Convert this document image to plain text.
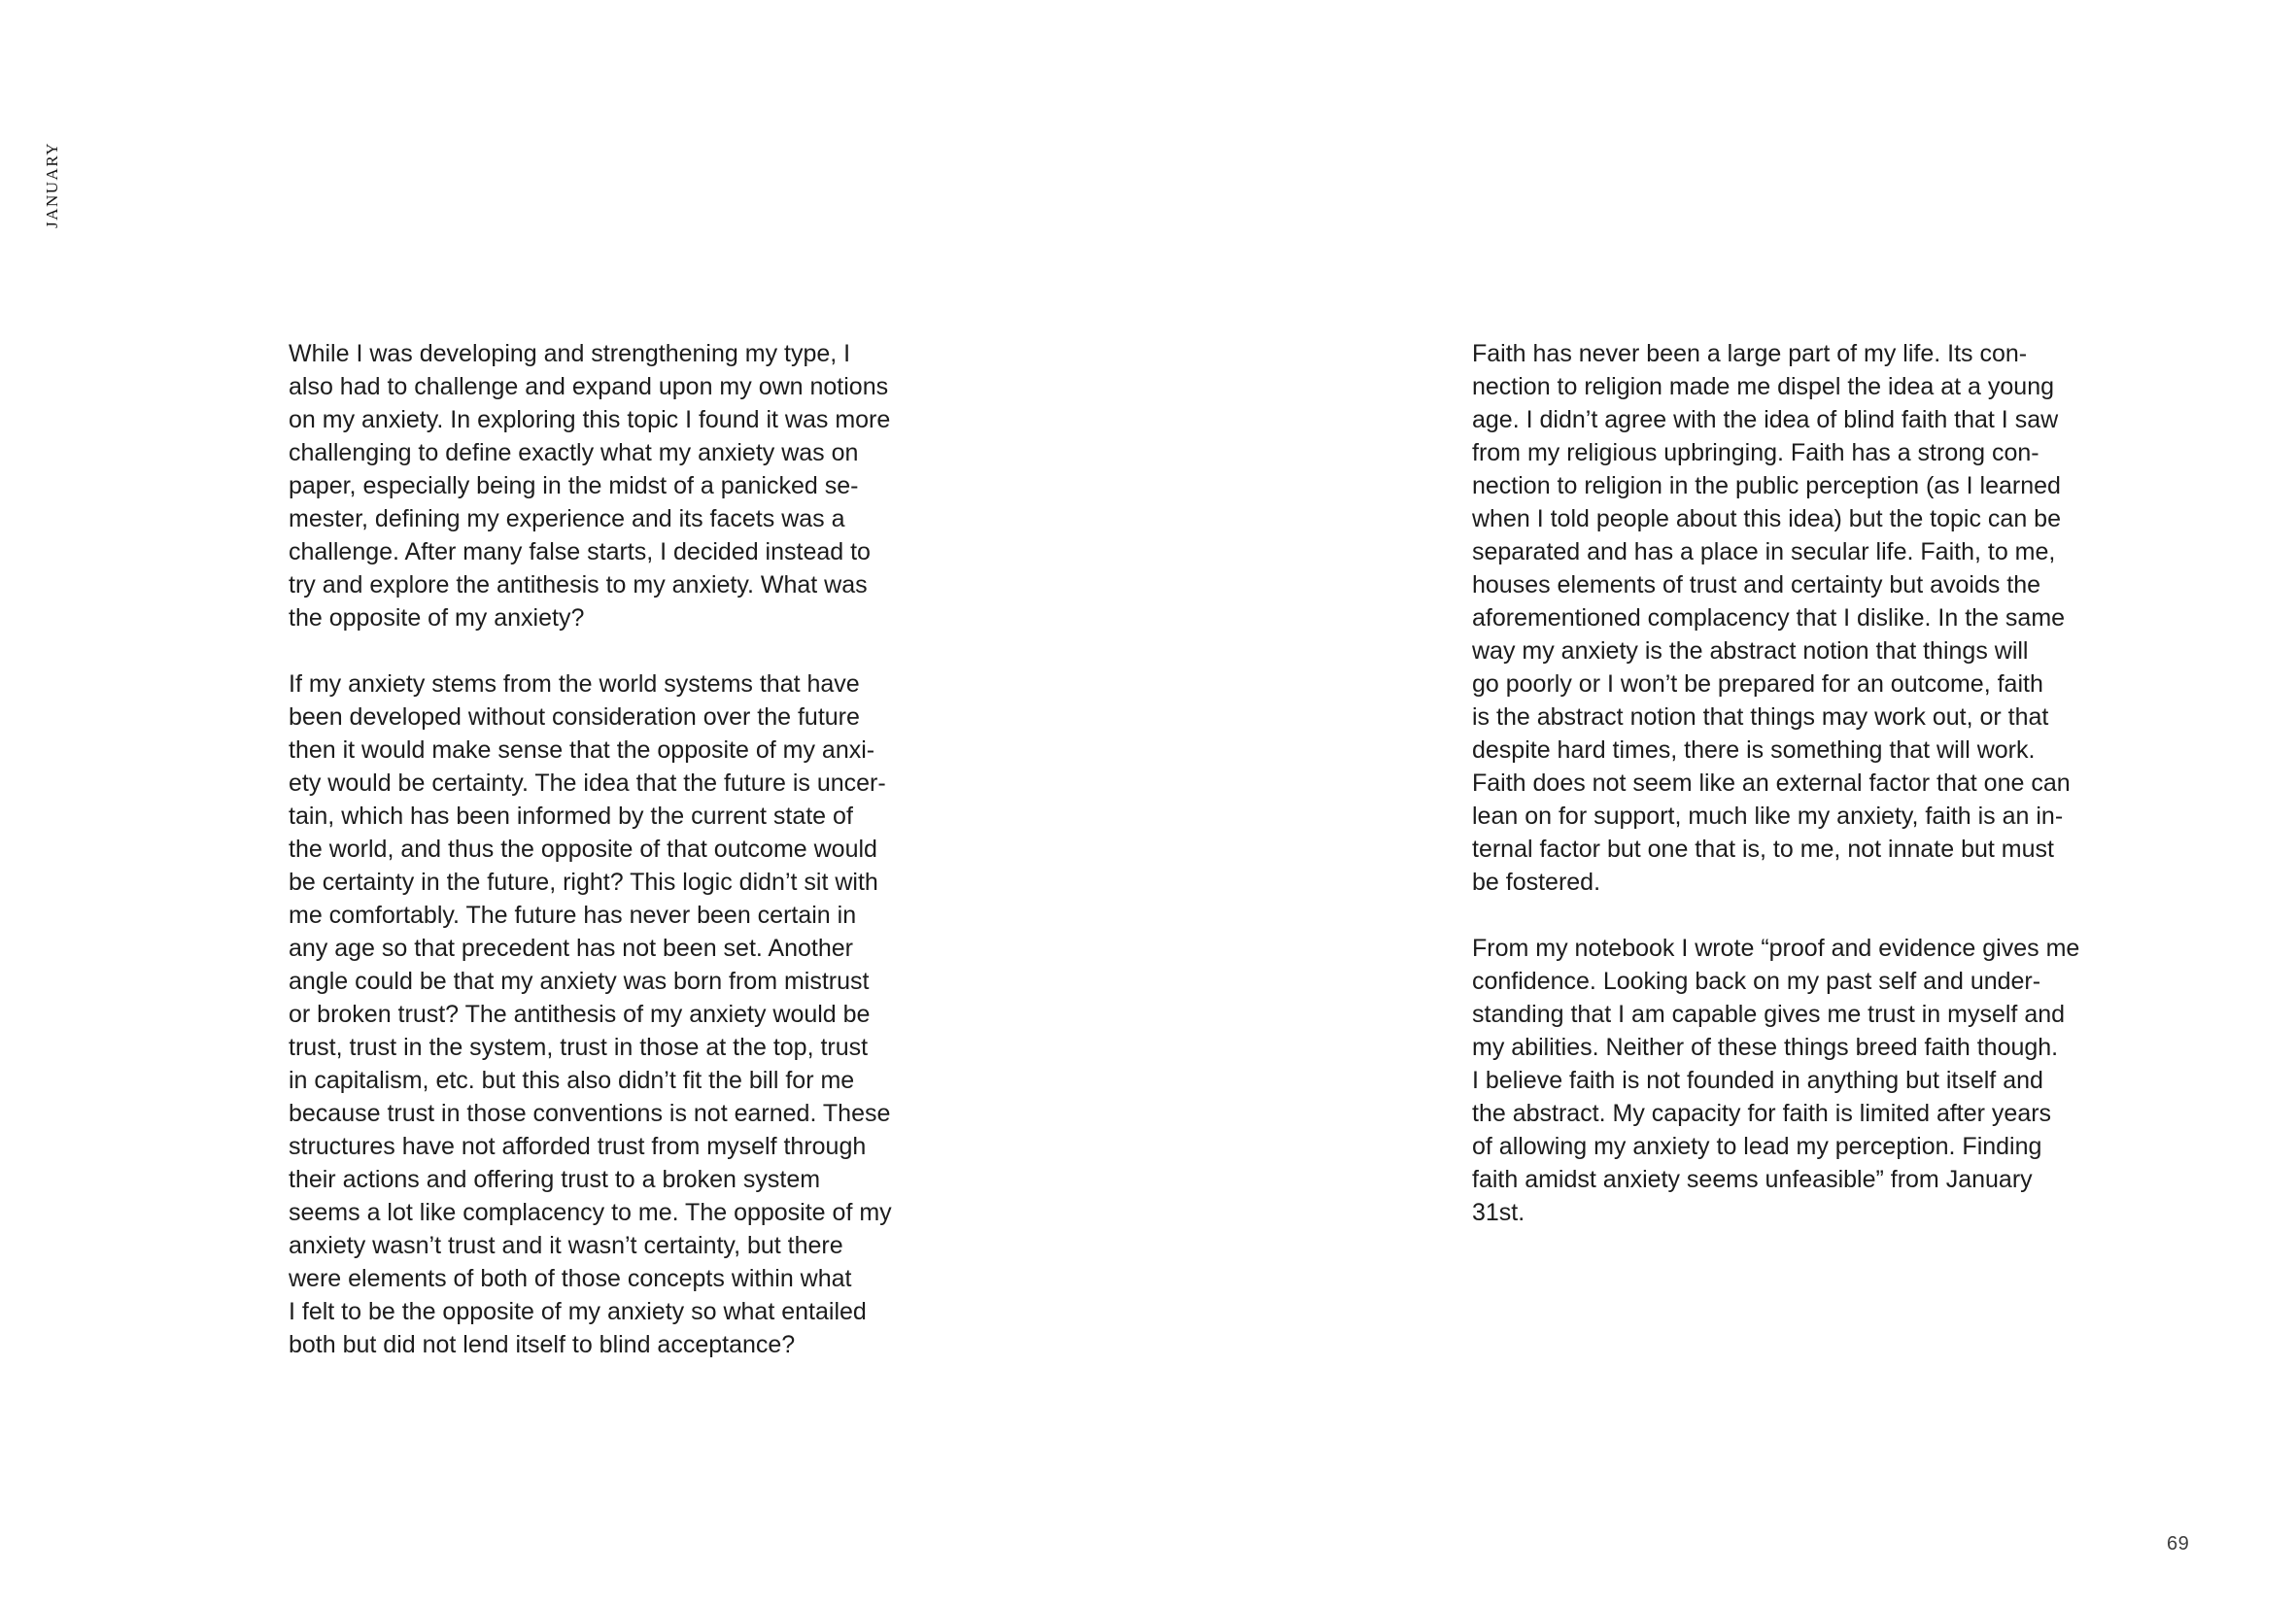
JANUARY

While I was developing and strengthening my type, I
also had to challenge and expand upon my own notions
on my anxiety. In exploring this topic I found it was more
challenging to define exactly what my anxiety was on
paper, especially being in the midst of a panicked se-
mester, defining my experience and its facets was a
challenge. After many false starts, I decided instead to
try and explore the antithesis to my anxiety. What was
the opposite of my anxiety?

If my anxiety stems from the world systems that have
been developed without consideration over the future
then it would make sense that the opposite of my anxi-
ety would be certainty. The idea that the future is uncer-
tain, which has been informed by the current state of
the world, and thus the opposite of that outcome would
be certainty in the future, right? This logic didn’t sit with
me comfortably. The future has never been certain in
any age so that precedent has not been set. Another
angle could be that my anxiety was born from mistrust
or broken trust? The antithesis of my anxiety would be
trust, trust in the system, trust in those at the top, trust
in capitalism, etc. but this also didn’t fit the bill for me
because trust in those conventions is not earned. These
structures have not afforded trust from myself through
their actions and offering trust to a broken system
seems a lot like complacency to me. The opposite of my
anxiety wasn’t trust and it wasn’t certainty, but there
were elements of both of those concepts within what
I felt to be the opposite of my anxiety so what entailed
both but did not lend itself to blind acceptance?

Faith has never been a large part of my life. Its con-
nection to religion made me dispel the idea at a young
age. I didn’t agree with the idea of blind faith that I saw
from my religious upbringing. Faith has a strong con-
nection to religion in the public perception (as I learned
when I told people about this idea) but the topic can be
separated and has a place in secular life. Faith, to me,
houses elements of trust and certainty but avoids the
aforementioned complacency that I dislike. In the same
way my anxiety is the abstract notion that things will
go poorly or I won’t be prepared for an outcome, faith
is the abstract notion that things may work out, or that
despite hard times, there is something that will work.
Faith does not seem like an external factor that one can
lean on for support, much like my anxiety, faith is an in-
ternal factor but one that is, to me, not innate but must
be fostered.

From my notebook I wrote “proof and evidence gives me
confidence. Looking back on my past self and under-
standing that I am capable gives me trust in myself and
my abilities. Neither of these things breed faith though.
I believe faith is not founded in anything but itself and
the abstract. My capacity for faith is limited after years
of allowing my anxiety to lead my perception. Finding
faith amidst anxiety seems unfeasible” from January
31st.

69
